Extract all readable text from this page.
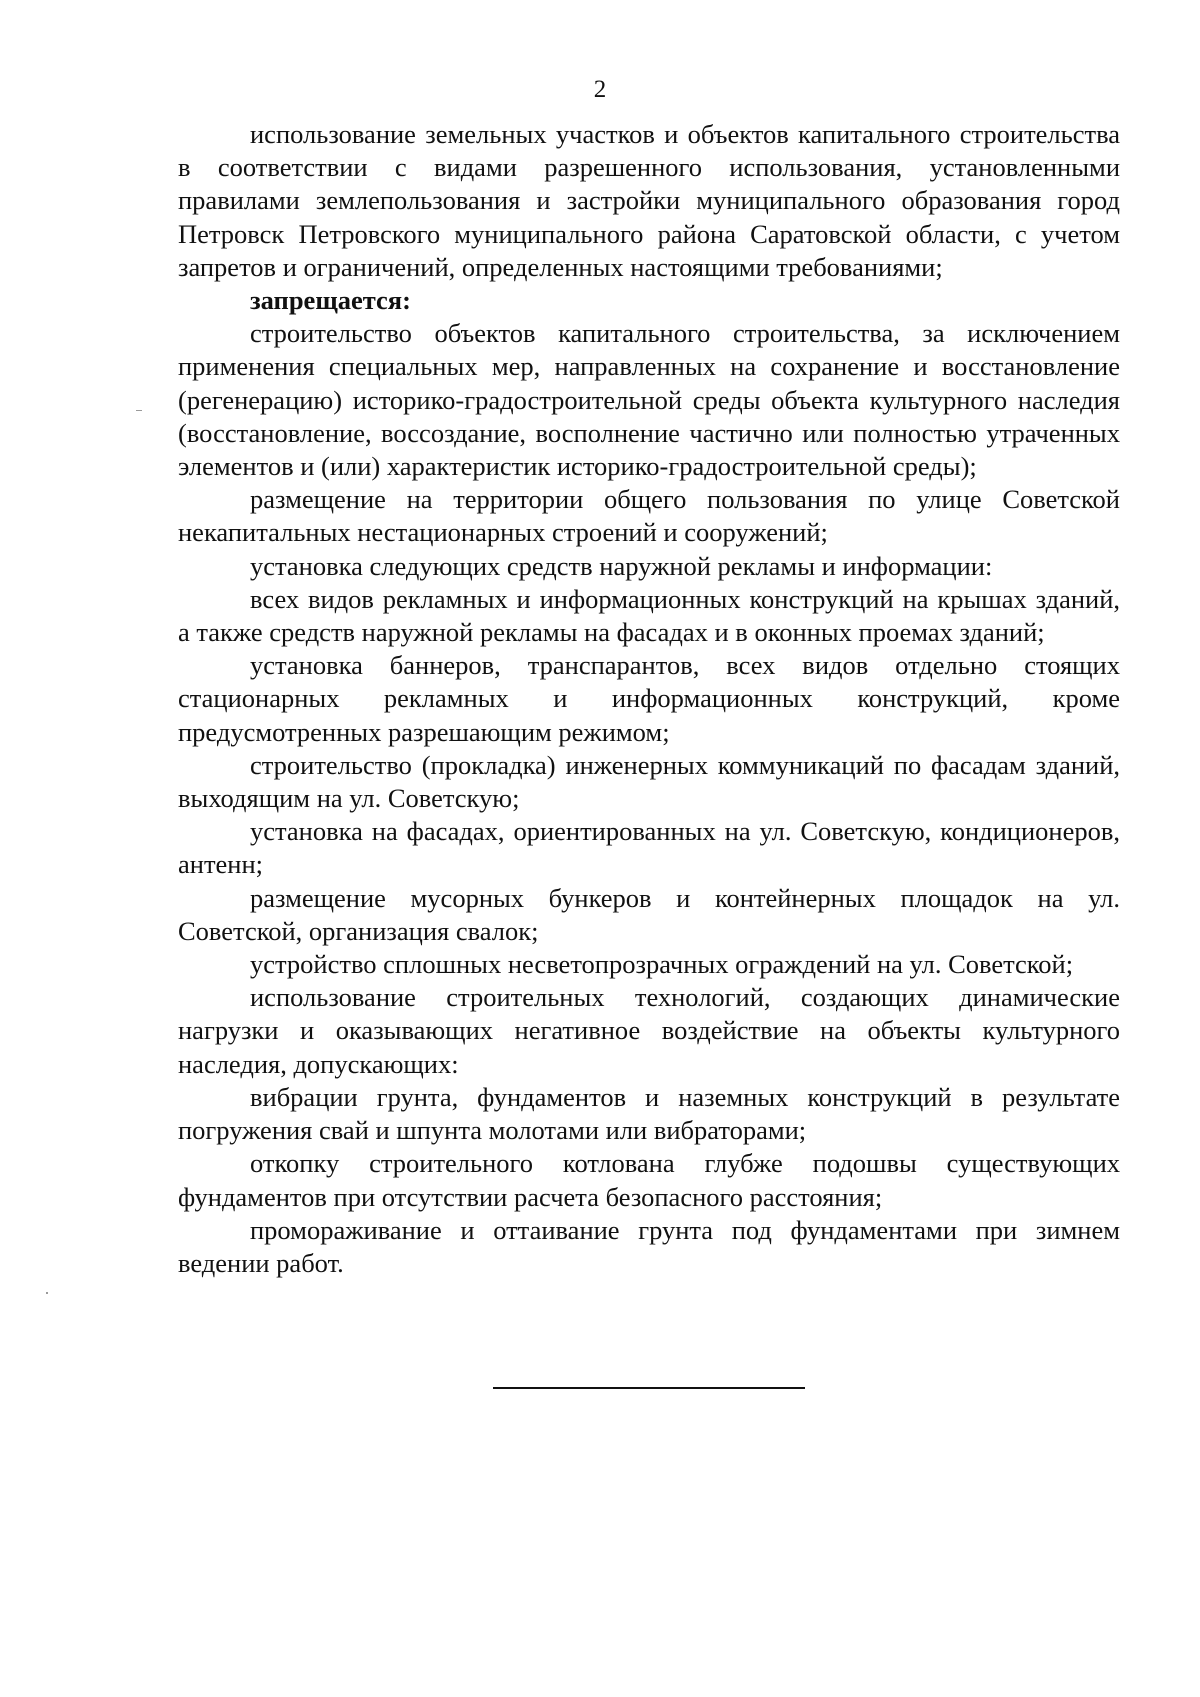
2

использование земельных участков и объектов капитального строительства в соответствии с видами разрешенного использования, установленными правилами землепользования и застройки муниципального образования город Петровск Петровского муниципального района Саратовской области, с учетом запретов и ограничений, определенных настоящими требованиями;

запрещается:

строительство объектов капитального строительства, за исключением применения специальных мер, направленных на сохранение и восстановление (регенерацию) историко-градостроительной среды объекта культурного наследия (восстановление, воссоздание, восполнение частично или полностью утраченных элементов и (или) характеристик историко-градостроительной среды);

размещение на территории общего пользования по улице Советской некапитальных нестационарных строений и сооружений;

установка следующих средств наружной рекламы и информации:

всех видов рекламных и информационных конструкций на крышах зданий, а также средств наружной рекламы на фасадах и в оконных проемах зданий;

установка баннеров, транспарантов, всех видов отдельно стоящих стационарных рекламных и информационных конструкций, кроме предусмотренных разрешающим режимом;

строительство (прокладка) инженерных коммуникаций по фасадам зданий, выходящим на ул. Советскую;

установка на фасадах, ориентированных на ул. Советскую, кондиционеров, антенн;

размещение мусорных бункеров и контейнерных площадок на ул. Советской, организация свалок;

устройство сплошных несветопрозрачных ограждений на ул. Советской;

использование строительных технологий, создающих динамические нагрузки и оказывающих негативное воздействие на объекты культурного наследия, допускающих:

вибрации грунта, фундаментов и наземных конструкций в результате погружения свай и шпунта молотами или вибраторами;

откопку строительного котлована глубже подошвы существующих фундаментов при отсутствии расчета безопасного расстояния;

промораживание и оттаивание грунта под фундаментами при зимнем ведении работ.
